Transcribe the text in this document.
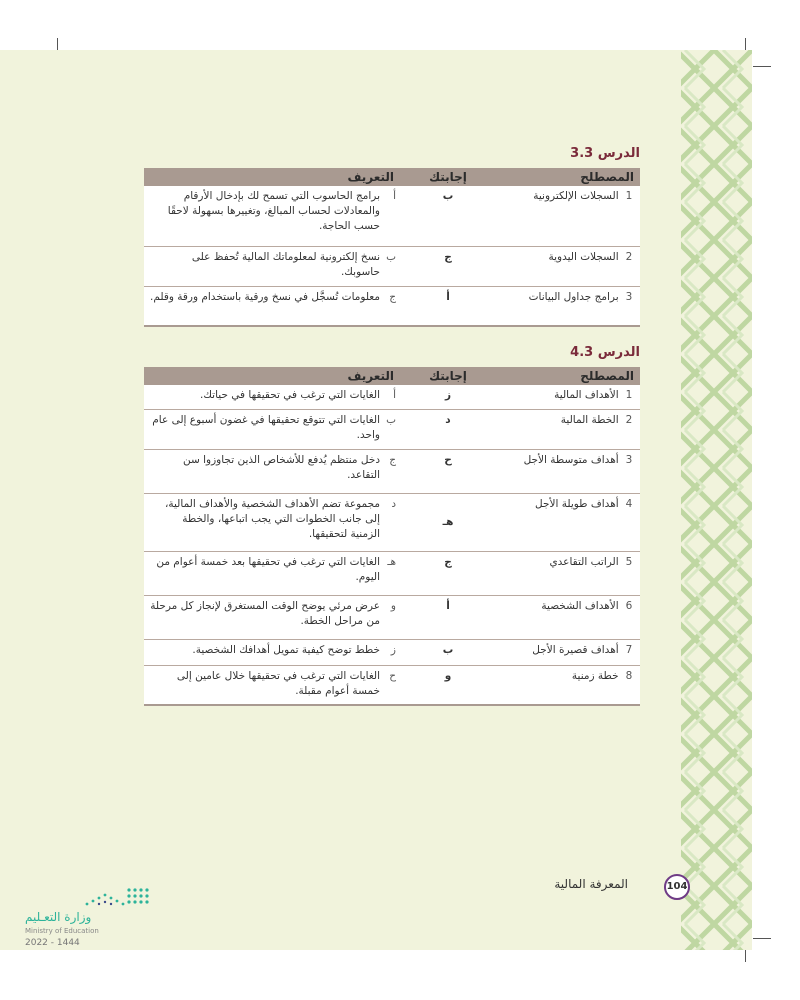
الدرس 3.3
المصطلح	إجابتك	التعريف
1 السجلات الإلكترونية	ب	أبرامج الحاسوب التي تسمح لك بإدخال الأرقام والمعادلات لحساب المبالغ، وتغييرها بسهولة لاحقًا حسب الحاجة.
2 السجلات اليدوية	ج	بنسخ إلكترونية لمعلوماتك المالية تُحفظ على حاسوبك.
3 برامج جداول البيانات	أ	جمعلومات تُسجَّل في نسخ ورقية باستخدام ورقة وقلم.
الدرس 4.3
المصطلح	إجابتك	التعريف
1 الأهداف المالية	ز	أالغايات التي ترغب في تحقيقها في حياتك.
2 الخطة المالية	د	بالغايات التي تتوقع تحقيقها في غضون أسبوع إلى عام واحد.
3 أهداف متوسطة الأجل	ح	جدخل منتظم يُدفع للأشخاص الذين تجاوزوا سن التقاعد.
4 أهداف طويلة الأجل	هـ	دمجموعة تضم الأهداف الشخصية والأهداف المالية، إلى جانب الخطوات التي يجب اتباعها، والخطة الزمنية لتحقيقها.
5 الراتب التقاعدي	ج	هـالغايات التي ترغب في تحقيقها بعد خمسة أعوام من اليوم.
6 الأهداف الشخصية	أ	وعرض مرئي يوضح الوقت المستغرق لإنجاز كل مرحلة من مراحل الخطة.
7 أهداف قصيرة الأجل	ب	زخطط توضح كيفية تمويل أهدافك الشخصية.
8 خطة زمنية	و	حالغايات التي ترغب في تحقيقها خلال عامين إلى خمسة أعوام مقبلة.
المعرفة المالية	104
وزارة التعـليم
Ministry of Education
2022 - 1444
